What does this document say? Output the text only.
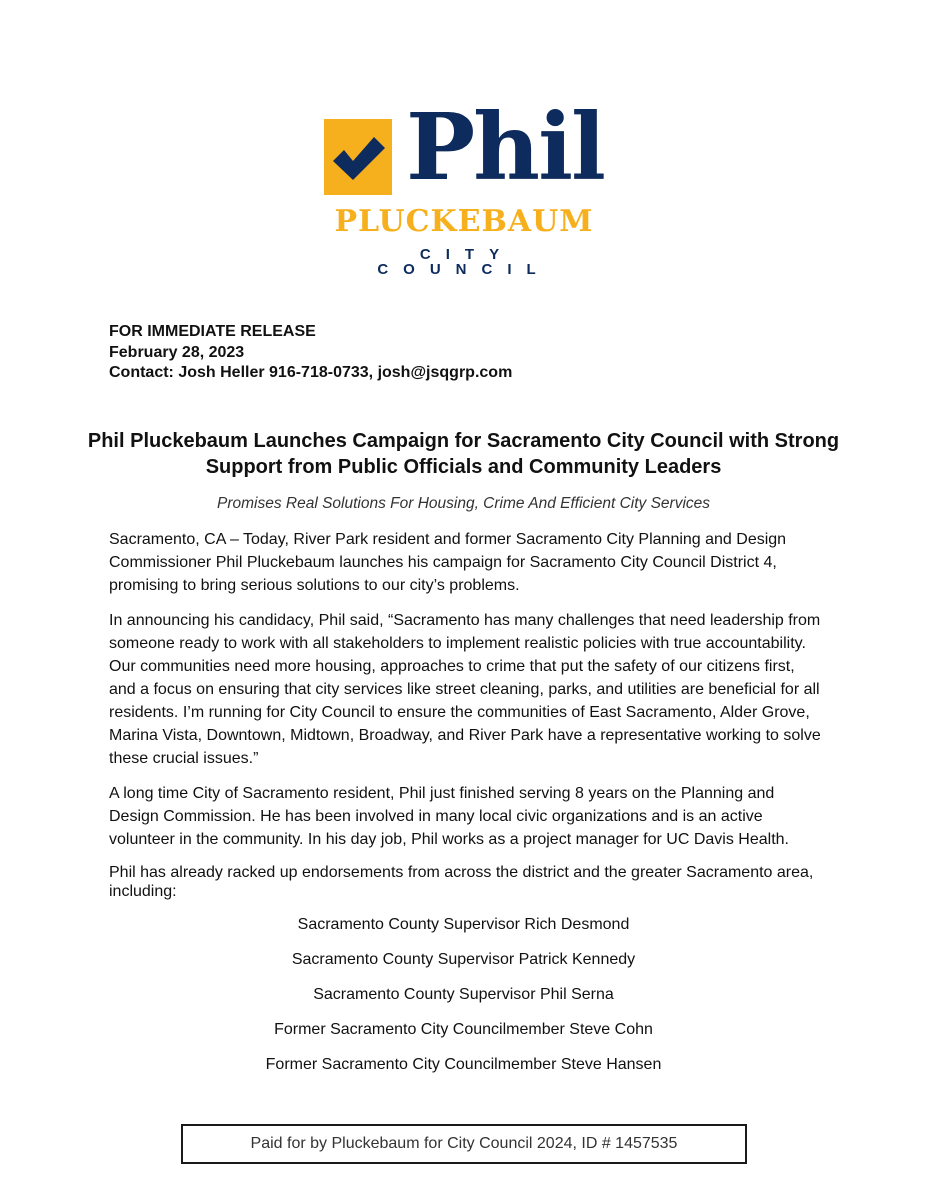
Phil
PLUCKEBAUM
CITY COUNCIL
FOR IMMEDIATE RELEASE
February 28, 2023
Contact: Josh Heller 916-718-0733, josh@jsqgrp.com
Phil Pluckebaum Launches Campaign for Sacramento City Council with Strong Support from Public Officials and Community Leaders
Promises Real Solutions For Housing, Crime And Efficient City Services

Sacramento, CA – Today, River Park resident and former Sacramento City Planning and Design Commissioner Phil Pluckebaum launches his campaign for Sacramento City Council District 4, promising to bring serious solutions to our city’s problems.

In announcing his candidacy, Phil said, “Sacramento has many challenges that need leadership from someone ready to work with all stakeholders to implement realistic policies with true accountability. Our communities need more housing, approaches to crime that put the safety of our citizens first, and a focus on ensuring that city services like street cleaning, parks, and utilities are beneficial for all residents. I’m running for City Council to ensure the communities of East Sacramento, Alder Grove, Marina Vista, Downtown, Midtown, Broadway, and River Park have a representative working to solve these crucial issues.”

A long time City of Sacramento resident, Phil just finished serving 8 years on the Planning and Design Commission. He has been involved in many local civic organizations and is an active volunteer in the community. In his day job, Phil works as a project manager for UC Davis Health.

Phil has already racked up endorsements from across the district and the greater Sacramento area, including:

Sacramento County Supervisor Rich Desmond
Sacramento County Supervisor Patrick Kennedy
Sacramento County Supervisor Phil Serna
Former Sacramento City Councilmember Steve Cohn
Former Sacramento City Councilmember Steve Hansen
Paid for by Pluckebaum for City Council 2024, ID # 1457535
